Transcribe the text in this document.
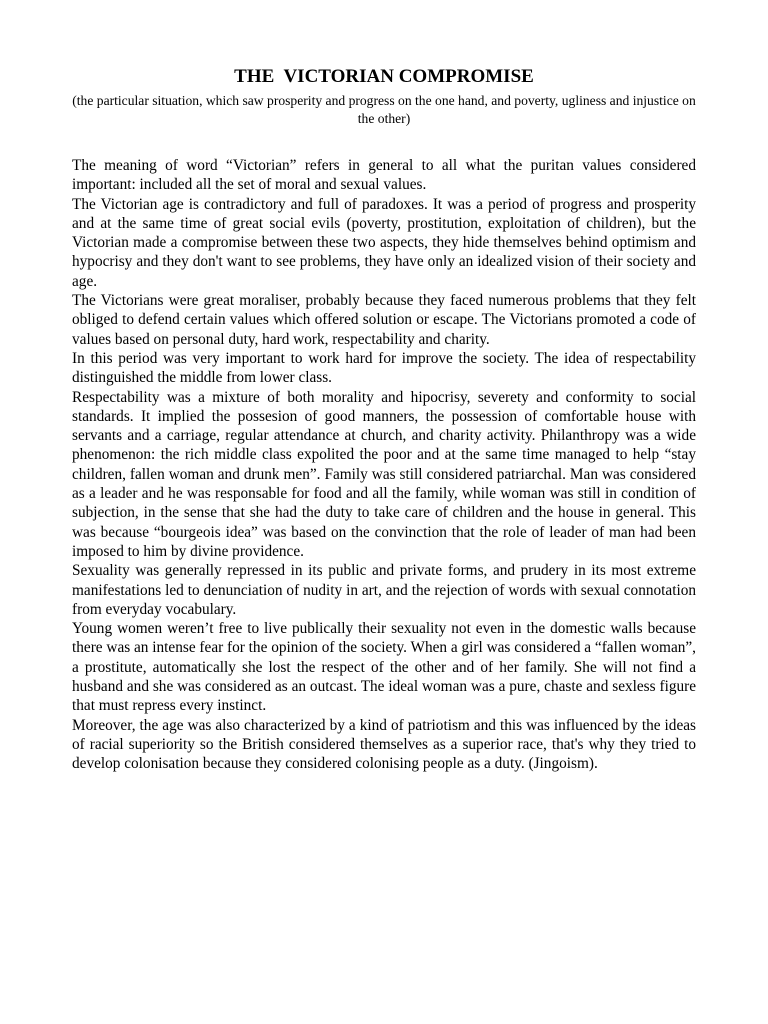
THE  VICTORIAN COMPROMISE

(the particular situation, which saw prosperity and progress on the one hand, and poverty, ugliness and injustice on the other)

The meaning of word “Victorian” refers in general to all what the puritan values considered important: included all the set of moral and sexual values.

The Victorian age is contradictory and full of paradoxes. It was a period of progress and prosperity and at the same time of great social evils (poverty, prostitution, exploitation of children), but the Victorian made a compromise between these two aspects, they hide themselves behind optimism and hypocrisy and they don't want to see problems, they have only an idealized vision of their society and age.

The Victorians were great moraliser, probably because they faced numerous problems that they felt obliged to defend certain values which offered solution or escape. The Victorians promoted a code of values based on personal duty, hard work, respectability and charity.

In this period was very important to work hard for improve the society. The idea of respectability distinguished the middle from lower class.

Respectability was a mixture of both morality and hipocrisy, severety and conformity to social standards. It implied the possesion of good manners, the possession of comfortable house with servants and a carriage, regular attendance at church, and charity activity. Philanthropy was a wide phenomenon: the rich middle class expolited the poor and at the same time managed to help “stay children, fallen woman and drunk men”. Family was still considered patriarchal. Man was considered as a leader and he was responsable for food and all the family, while woman was still in condition of subjection, in the sense that she had the duty to take care of children and the house in general. This was because “bourgeois idea” was based on the convinction that the role of leader of man had been imposed to him by divine providence.

Sexuality was generally repressed in its public and private forms, and prudery in its most extreme manifestations led to denunciation of nudity in art, and the rejection of words with sexual connotation from everyday vocabulary.

Young women weren’t free to live publically their sexuality not even in the domestic walls because there was an intense fear for the opinion of the society. When a girl was considered a “fallen woman”, a prostitute, automatically she lost the respect of the other and of her family. She will not find a husband and she was considered as an outcast. The ideal woman was a pure, chaste and sexless figure that must repress every instinct.

Moreover, the age was also characterized by a kind of patriotism and this was influenced by the ideas of racial superiority so the British considered themselves as a superior race, that's why they tried to develop colonisation because they considered colonising people as a duty. (Jingoism).
